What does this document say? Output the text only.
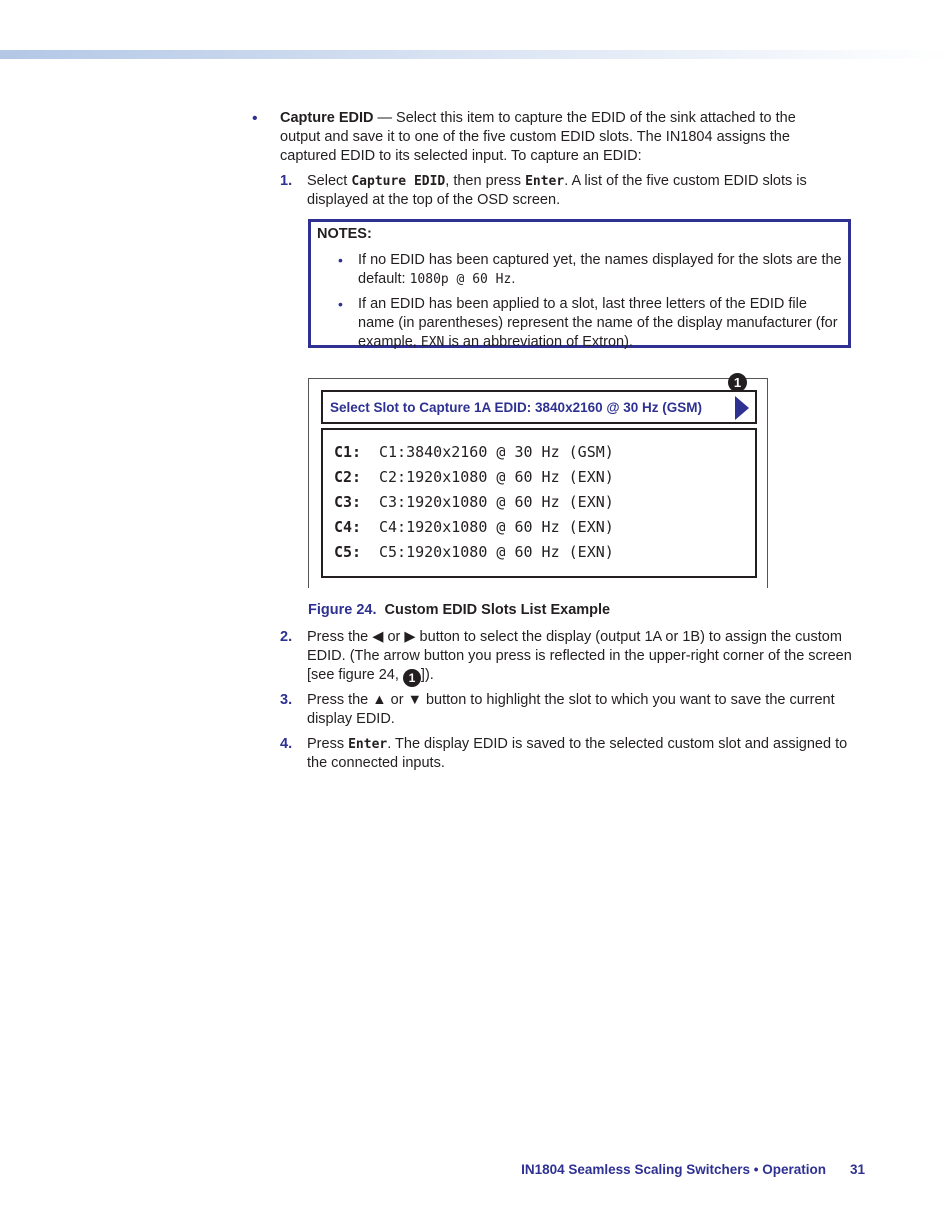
• Capture EDID — Select this item to capture the EDID of the sink attached to the output and save it to one of the five custom EDID slots. The IN1804 assigns the captured EDID to its selected input. To capture an EDID:
1. Select Capture EDID, then press Enter. A list of the five custom EDID slots is displayed at the top of the OSD screen.
NOTES:
• If no EDID has been captured yet, the names displayed for the slots are the default: 1080p @ 60 Hz.
• If an EDID has been applied to a slot, last three letters of the EDID file name (in parentheses) represent the name of the display manufacturer (for example, EXN is an abbreviation of Extron).
1
Select Slot to Capture 1A EDID: 3840x2160 @ 30 Hz (GSM)
C1: C1:3840x2160 @ 30 Hz (GSM)
C2: C2:1920x1080 @ 60 Hz (EXN)
C3: C3:1920x1080 @ 60 Hz (EXN)
C4: C4:1920x1080 @ 60 Hz (EXN)
C5: C5:1920x1080 @ 60 Hz (EXN)
Figure 24. Custom EDID Slots List Example
2. Press the ◀ or ▶ button to select the display (output 1A or 1B) to assign the custom EDID. (The arrow button you press is reflected in the upper-right corner of the screen [see figure 24, 1 ]).
3. Press the ▲ or ▼ button to highlight the slot to which you want to save the current display EDID.
4. Press Enter. The display EDID is saved to the selected custom slot and assigned to the connected inputs.
IN1804 Seamless Scaling Switchers • Operation 31
